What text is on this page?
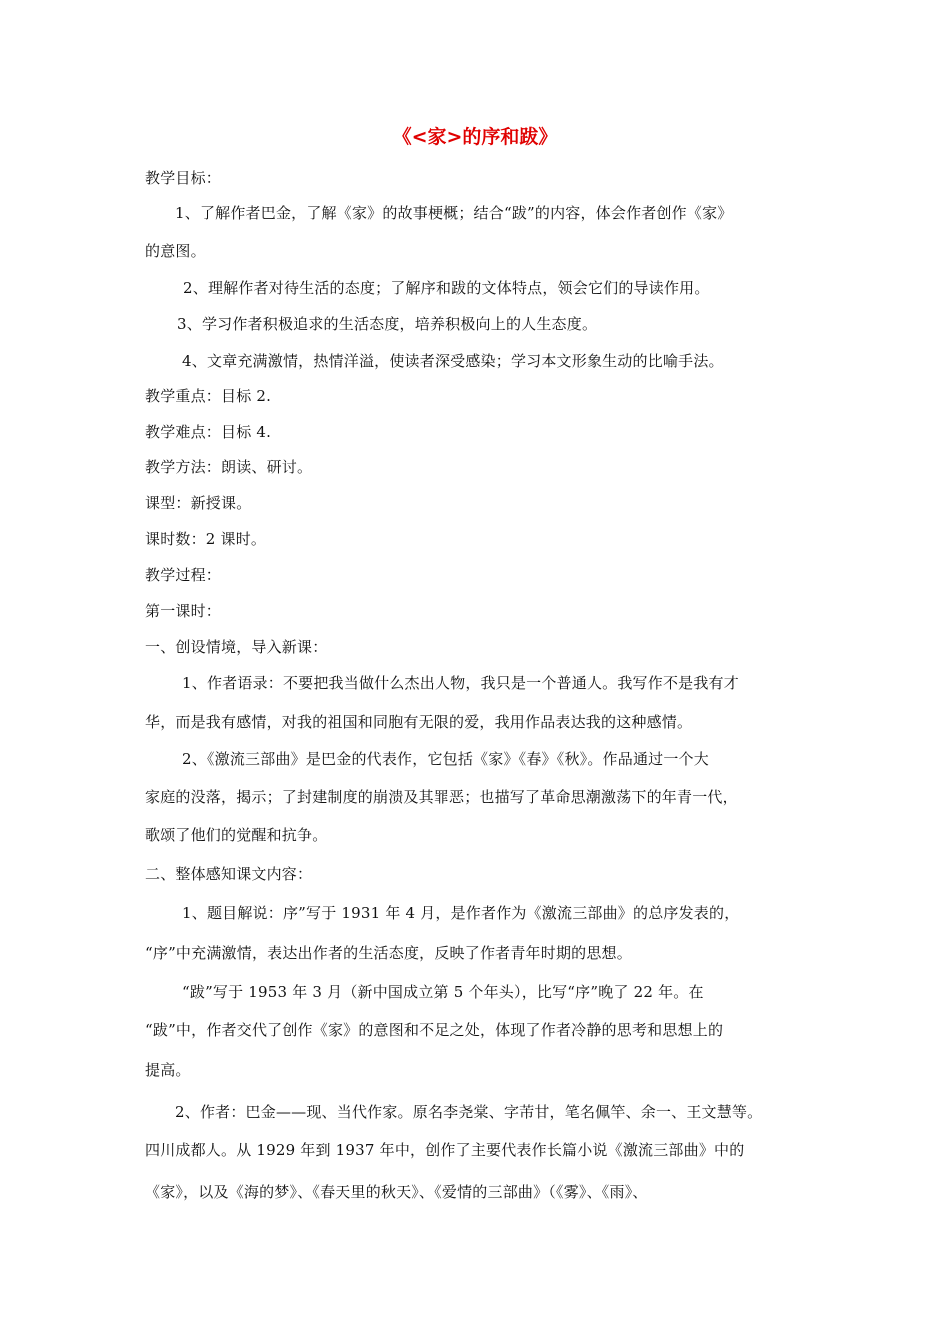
《<家>的序和跋》
教学目标：
1、了解作者巴金，了解《家》的故事梗概；结合“跋”的内容，体会作者创作《家》
的意图。
2、理解作者对待生活的态度；了解序和跋的文体特点，领会它们的导读作用。
3、学习作者积极追求的生活态度，培养积极向上的人生态度。
4、文章充满激情，热情洋溢，使读者深受感染；学习本文形象生动的比喻手法。
教学重点：目标 2.
教学难点：目标 4.
教学方法：朗读、研讨。
课型：新授课。
课时数：2 课时。
教学过程：
第一课时：
一、创设情境，导入新课：
1、作者语录：不要把我当做什么杰出人物，我只是一个普通人。我写作不是我有才
华，而是我有感情，对我的祖国和同胞有无限的爱，我用作品表达我的这种感情。
2、《激流三部曲》是巴金的代表作，它包括《家》《春》《秋》。作品通过一个大
家庭的没落，揭示；了封建制度的崩溃及其罪恶；也描写了革命思潮激荡下的年青一代，
歌颂了他们的觉醒和抗争。
二、整体感知课文内容：
1、题目解说：序”写于 1931 年 4 月，是作者作为《激流三部曲》的总序发表的，
“序”中充满激情，表达出作者的生活态度，反映了作者青年时期的思想。
“跋”写于 1953 年 3 月（新中国成立第 5 个年头），比写“序”晚了 22 年。在
“跋”中，作者交代了创作《家》的意图和不足之处，体现了作者冷静的思考和思想上的
提高。
2、作者：巴金——现、当代作家。原名李尧棠、字芾甘，笔名佩竿、余一、王文慧等。
四川成都人。从 1929 年到 1937 年中，创作了主要代表作长篇小说《激流三部曲》中的
《家》，以及《海的梦》、《春天里的秋天》、《爱情的三部曲》（《雾》、《雨》、
